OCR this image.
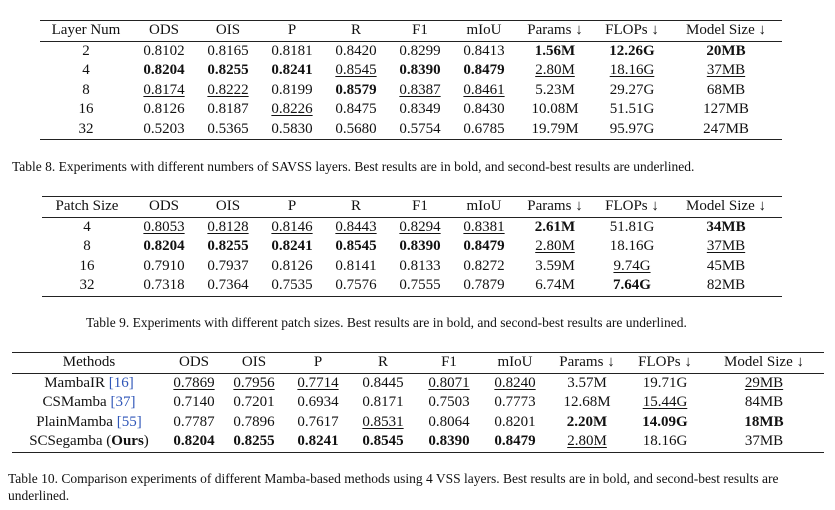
Layer Num	ODS	OIS	P	R	F1	mIoU	Params ↓	FLOPs ↓	Model Size ↓
2	0.8102	0.8165	0.8181	0.8420	0.8299	0.8413	1.56M	12.26G	20MB
4	0.8204	0.8255	0.8241	0.8545	0.8390	0.8479	2.80M	18.16G	37MB
8	0.8174	0.8222	0.8199	0.8579	0.8387	0.8461	5.23M	29.27G	68MB
16	0.8126	0.8187	0.8226	0.8475	0.8349	0.8430	10.08M	51.51G	127MB
32	0.5203	0.5365	0.5830	0.5680	0.5754	0.6785	19.79M	95.97G	247MB
Table 8. Experiments with different numbers of SAVSS layers. Best results are in bold, and second-best results are underlined.
Patch Size	ODS	OIS	P	R	F1	mIoU	Params ↓	FLOPs ↓	Model Size ↓
4	0.8053	0.8128	0.8146	0.8443	0.8294	0.8381	2.61M	51.81G	34MB
8	0.8204	0.8255	0.8241	0.8545	0.8390	0.8479	2.80M	18.16G	37MB
16	0.7910	0.7937	0.8126	0.8141	0.8133	0.8272	3.59M	9.74G	45MB
32	0.7318	0.7364	0.7535	0.7576	0.7555	0.7879	6.74M	7.64G	82MB
Table 9. Experiments with different patch sizes. Best results are in bold, and second-best results are underlined.
Methods	ODS	OIS	P	R	F1	mIoU	Params ↓	FLOPs ↓	Model Size ↓
MambaIR [16]	0.7869	0.7956	0.7714	0.8445	0.8071	0.8240	3.57M	19.71G	29MB
CSMamba [37]	0.7140	0.7201	0.6934	0.8171	0.7503	0.7773	12.68M	15.44G	84MB
PlainMamba [55]	0.7787	0.7896	0.7617	0.8531	0.8064	0.8201	2.20M	14.09G	18MB
SCSegamba (Ours)	0.8204	0.8255	0.8241	0.8545	0.8390	0.8479	2.80M	18.16G	37MB
Table 10. Comparison experiments of different Mamba-based methods using 4 VSS layers. Best results are in bold, and second-best results are underlined.
